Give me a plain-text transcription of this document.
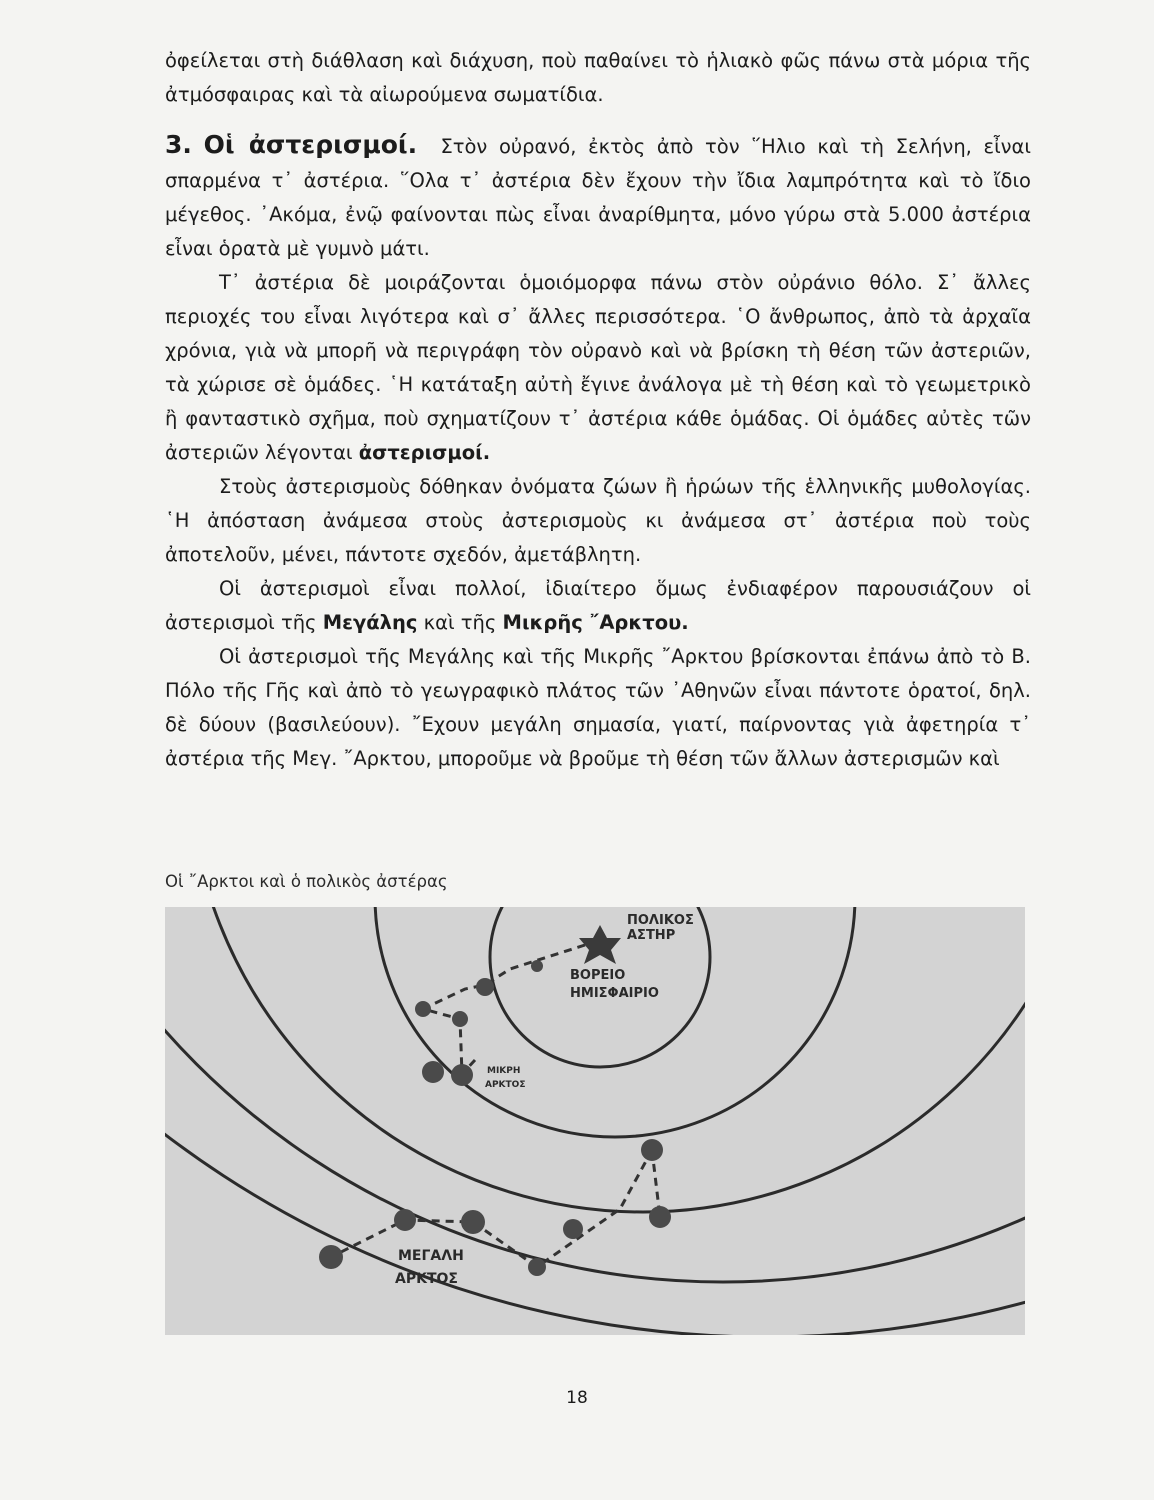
ὀφείλεται στὴ διάθλαση καὶ διάχυση, ποὺ παθαίνει τὸ ἡλιακὸ φῶς πάνω στὰ μόρια τῆς ἀτμόσφαιρας καὶ τὰ αἰωρούμενα σωματίδια.

3. Οἱ ἀστερισμοί. Στὸν οὐρανό, ἐκτὸς ἀπὸ τὸν ῞Ηλιο καὶ τὴ Σελήνη, εἶναι σπαρμένα τ᾿ ἀστέρια. ῞Ολα τ᾿ ἀστέρια δὲν ἔχουν τὴν ἴδια λαμπρότητα καὶ τὸ ἴδιο μέγεθος. ᾿Ακόμα, ἐνῷ φαίνονται πὼς εἶναι ἀναρίθμητα, μόνο γύρω στὰ 5.000 ἀστέρια εἶναι ὁρατὰ μὲ γυμνὸ μάτι.

Τ᾿ ἀστέρια δὲ μοιράζονται ὁμοιόμορφα πάνω στὸν οὐράνιο θόλο. Σ᾿ ἄλλες περιοχές του εἶναι λιγότερα καὶ σ᾿ ἄλλες περισσότερα. ῾Ο ἄνθρωπος, ἀπὸ τὰ ἀρχαῖα χρόνια, γιὰ νὰ μπορῆ νὰ περιγράφη τὸν οὐρανὸ καὶ νὰ βρίσκη τὴ θέση τῶν ἀστεριῶν, τὰ χώρισε σὲ ὁμάδες. ῾Η κατάταξη αὐτὴ ἔγινε ἀνάλογα μὲ τὴ θέση καὶ τὸ γεωμετρικὸ ἢ φανταστικὸ σχῆμα, ποὺ σχηματίζουν τ᾿ ἀστέρια κάθε ὁμάδας. Οἱ ὁμάδες αὐτὲς τῶν ἀστεριῶν λέγονται ἀστερισμοί.

Στοὺς ἀστερισμοὺς δόθηκαν ὀνόματα ζώων ἢ ἡρώων τῆς ἑλληνικῆς μυθολογίας. ῾Η ἀπόσταση ἀνάμεσα στοὺς ἀστερισμοὺς κι ἀνάμεσα στ᾿ ἀστέρια ποὺ τοὺς ἀποτελοῦν, μένει, πάντοτε σχεδόν, ἀμετάβλητη.

Οἱ ἀστερισμοὶ εἶναι πολλοί, ἰδιαίτερο ὅμως ἐνδιαφέρον παρουσιάζουν οἱ ἀστερισμοὶ τῆς Μεγάλης καὶ τῆς Μικρῆς ῎Αρκτου.

Οἱ ἀστερισμοὶ τῆς Μεγάλης καὶ τῆς Μικρῆς ῎Αρκτου βρίσκονται ἐπάνω ἀπὸ τὸ Β. Πόλο τῆς Γῆς καὶ ἀπὸ τὸ γεωγραφικὸ πλάτος τῶν ᾿Αθηνῶν εἶναι πάντοτε ὁρατοί, δηλ. δὲ δύουν (βασιλεύουν). ῎Εχουν μεγάλη σημασία, γιατί, παίρνοντας γιὰ ἀφετηρία τ᾿ ἀστέρια τῆς Μεγ. ῎Αρκτου, μποροῦμε νὰ βροῦμε τὴ θέση τῶν ἄλλων ἀστερισμῶν καὶ

Οἱ ῎Αρκτοι καὶ ὁ πολικὸς ἀστέρας
ΠΟΛΙΚΟΣ
ΑΣΤΗΡ
ΒΟΡΕΙΟ
ΗΜΙΣΦΑΙΡΙΟ
ΜΙΚΡΗ
ΑΡΚΤΟΣ
ΜΕΓΑΛΗ
ΑΡΚΤΟΣ
18
